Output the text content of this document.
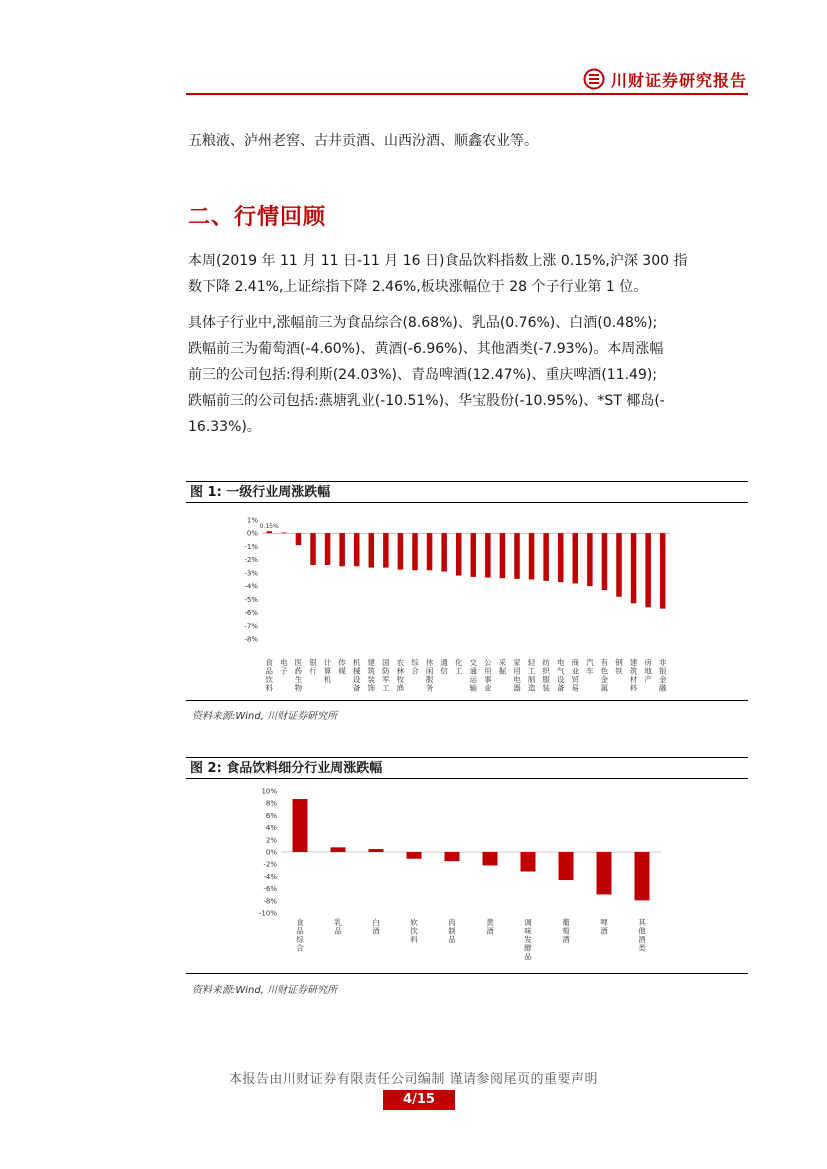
川财证券研究报告
五粮液、泸州老窖、古井贡酒、山西汾酒、顺鑫农业等。
二、行情回顾
本周(2019 年 11 月 11 日-11 月 16 日)食品饮料指数上涨 0.15%,沪深 300 指
数下降 2.41%,上证综指下降 2.46%,板块涨幅位于 28 个子行业第 1 位。
具体子行业中,涨幅前三为食品综合(8.68%)、乳品(0.76%)、白酒(0.48%);
跌幅前三为葡萄酒(-4.60%)、黄酒(-6.96%)、其他酒类(-7.93%)。本周涨幅
前三的公司包括:得利斯(24.03%)、青岛啤酒(12.47%)、重庆啤酒(11.49);
跌幅前三的公司包括:燕塘乳业(-10.51%)、华宝股份(-10.95%)、*ST 椰岛(-
16.33%)。
图 1: 一级行业周涨跌幅
1%
0%
-1%
-2%
-3%
-4%
-5%
-6%
-7%
-8%
食品饮料
电子
医药生物
银行
计算机
传媒
机械设备
建筑装饰
国防军工
农林牧渔
综合
休闲服务
通信
化工
交通运输
公用事业
采掘
家用电器
轻工制造
纺织服装
电气设备
商业贸易
汽车
有色金属
钢铁
建筑材料
房地产
非银金融
0.15%
资料来源:Wind, 川财证券研究所
图 2: 食品饮料细分行业周涨跌幅
10%
8%
6%
4%
2%
0%
-2%
-4%
-6%
-8%
-10%
食品综合
乳品
白酒
软饮料
肉制品
黄酒
调味发酵品
葡萄酒
啤酒
其他酒类
资料来源:Wind, 川财证券研究所
本报告由川财证券有限责任公司编制 谨请参阅尾页的重要声明
4/15
